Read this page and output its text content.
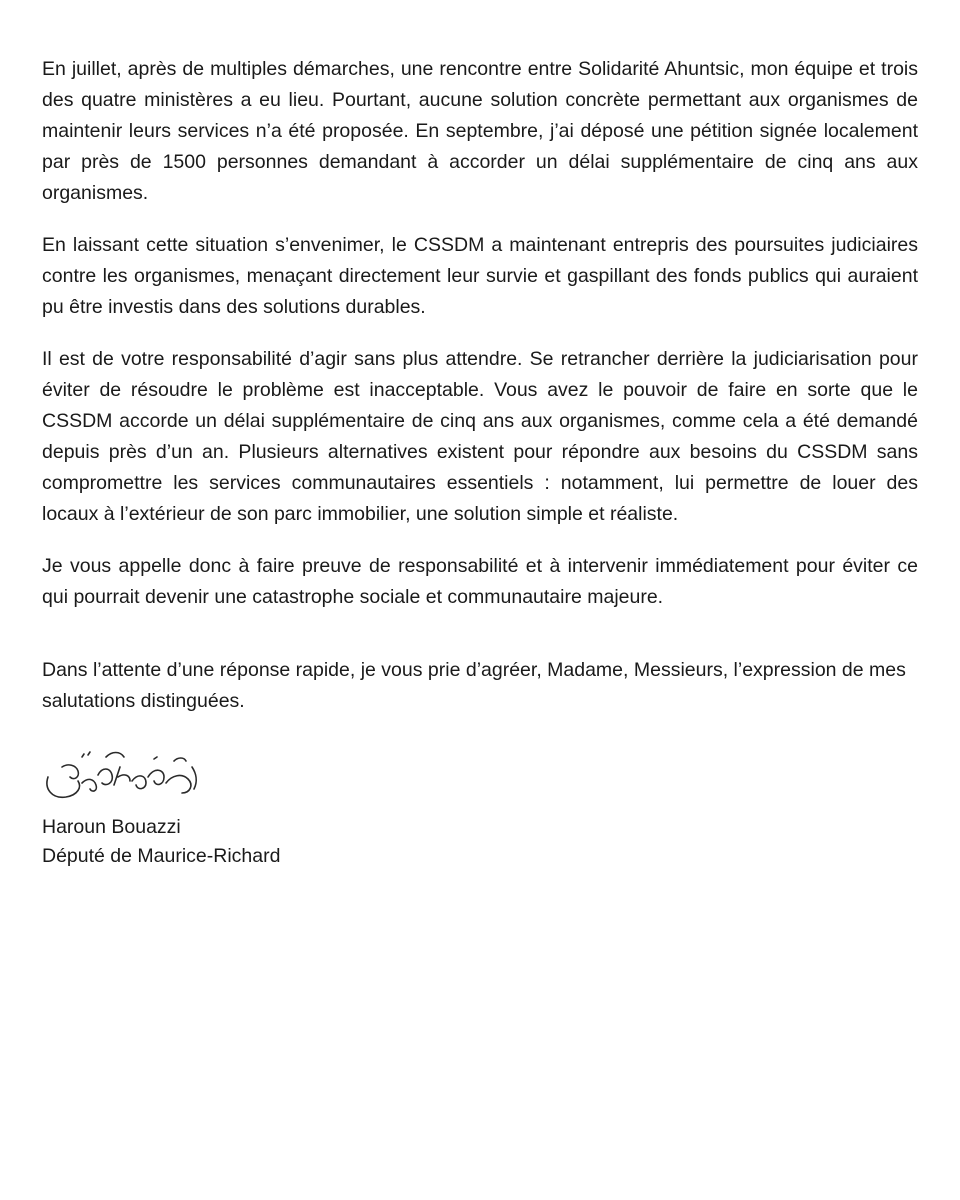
En juillet, après de multiples démarches, une rencontre entre Solidarité Ahuntsic, mon équipe et trois des quatre ministères a eu lieu. Pourtant, aucune solution concrète permettant aux organismes de maintenir leurs services n’a été proposée. En septembre, j’ai déposé une pétition signée localement par près de 1500 personnes demandant à accorder un délai supplémentaire de cinq ans aux organismes.

En laissant cette situation s’envenimer, le CSSDM a maintenant entrepris des poursuites judiciaires contre les organismes, menaçant directement leur survie et gaspillant des fonds publics qui auraient pu être investis dans des solutions durables.

Il est de votre responsabilité d’agir sans plus attendre. Se retrancher derrière la judiciarisation pour éviter de résoudre le problème est inacceptable. Vous avez le pouvoir de faire en sorte que le CSSDM accorde un délai supplémentaire de cinq ans aux organismes, comme cela a été demandé depuis près d’un an. Plusieurs alternatives existent pour répondre aux besoins du CSSDM sans compromettre les services communautaires essentiels : notamment, lui permettre de louer des locaux à l’extérieur de son parc immobilier, une solution simple et réaliste.

Je vous appelle donc à faire preuve de responsabilité et à intervenir immédiatement pour éviter ce qui pourrait devenir une catastrophe sociale et communautaire majeure.

Dans l’attente d’une réponse rapide, je vous prie d’agréer, Madame, Messieurs, l’expression de mes salutations distinguées.

Haroun Bouazzi
Député de Maurice-Richard
